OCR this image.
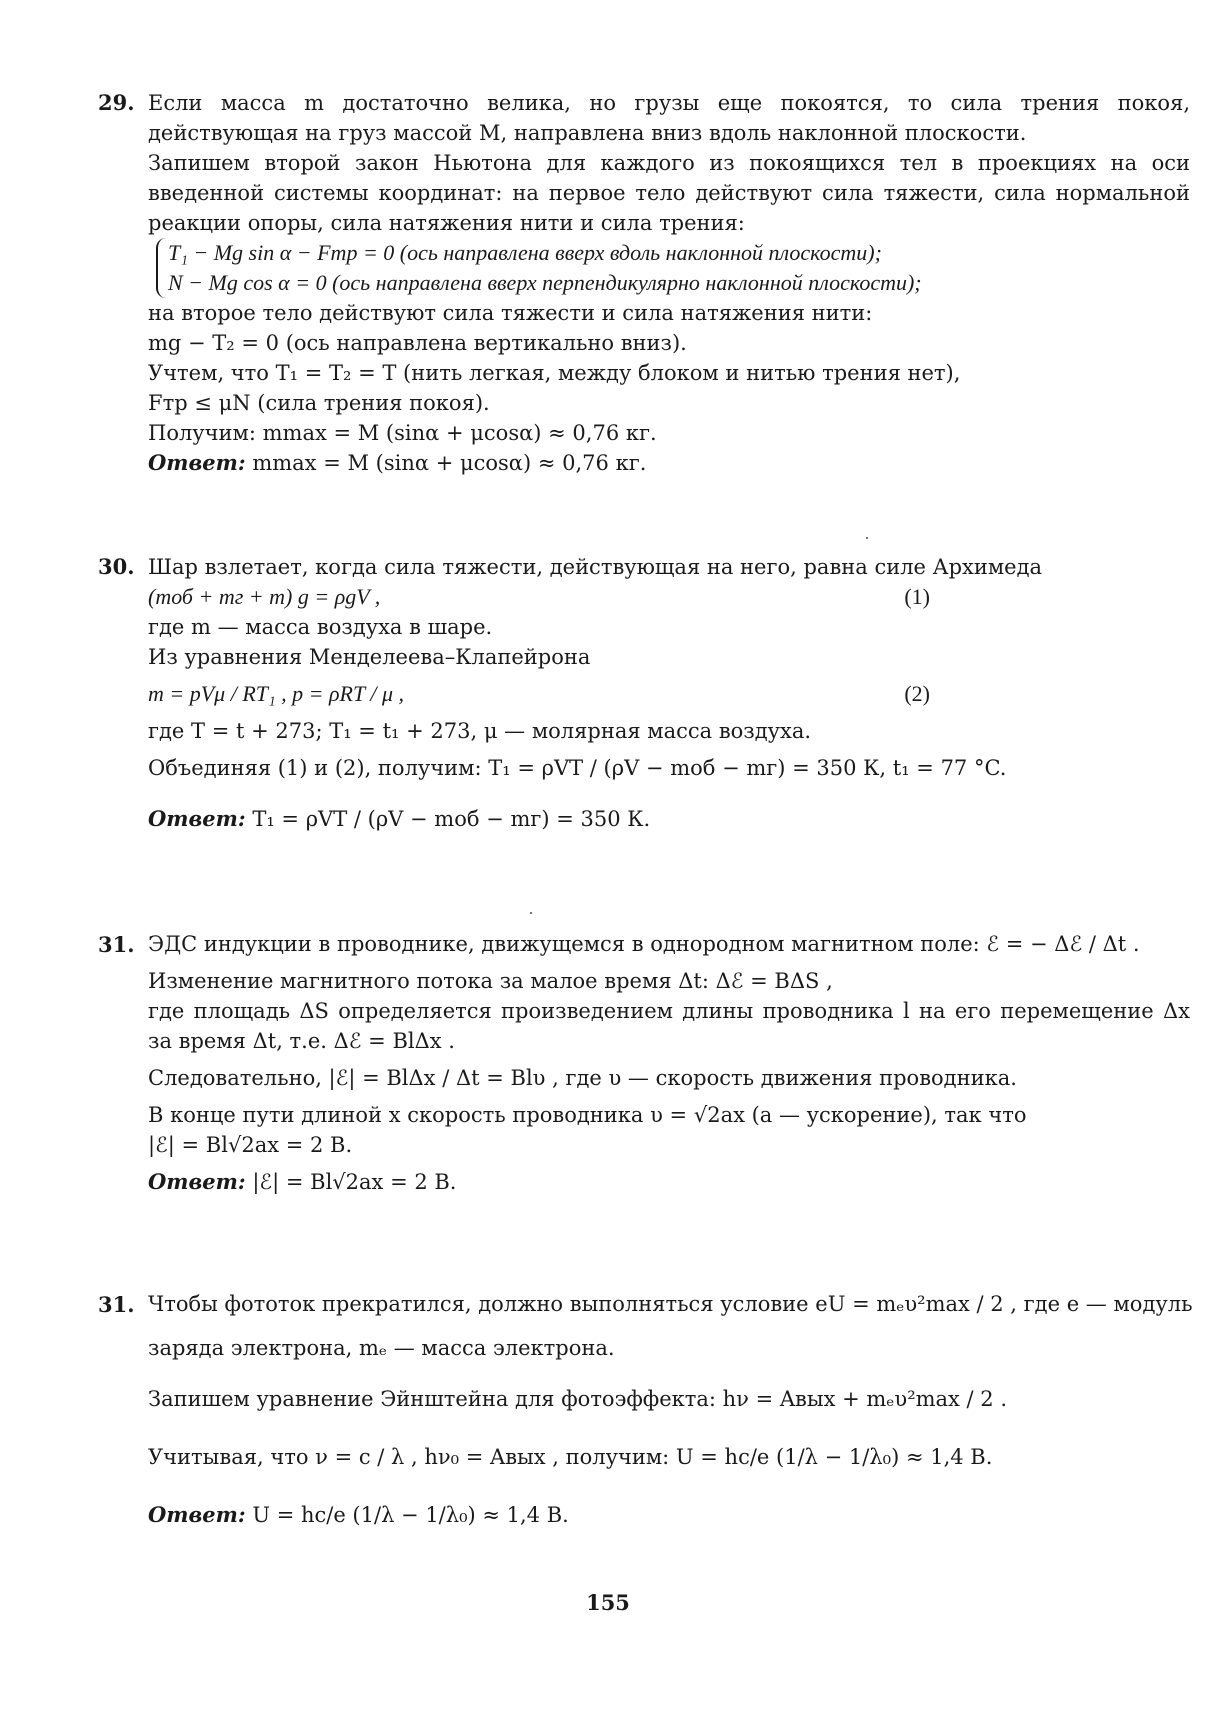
29. Если масса m достаточно велика, но грузы еще покоятся, то сила трения покоя, действующая на груз массой M, направлена вниз вдоль наклонной плоскости.
Запишем второй закон Ньютона для каждого из покоящихся тел в проекциях на оси введенной системы координат: на первое тело действуют сила тяжести, сила нормальной реакции опоры, сила натяжения нити и сила трения:
T₁ − Mg sin α − Fтр = 0 (ось направлена вверх вдоль наклонной плоскости);
N − Mg cos α = 0 (ось направлена вверх перпендикулярно наклонной плоскости);
на второе тело действуют сила тяжести и сила натяжения нити:
mg − T₂ = 0 (ось направлена вертикально вниз).
Учтем, что T₁ = T₂ = T (нить легкая, между блоком и нитью трения нет),
Fтр ≤ μN (сила трения покоя).
Получим: mmax = M (sinα + μcosα) ≈ 0,76 кг.
Ответ: mmax = M (sinα + μcosα) ≈ 0,76 кг.
30. Шар взлетает, когда сила тяжести, действующая на него, равна силе Архимеда
(mоб + mг + m) g = ρgV ,	(1)
где m — масса воздуха в шаре.
Из уравнения Менделеева–Клапейрона
m = pVμ / RT₁ , p = ρRT / μ ,	(2)
где T = t + 273; T₁ = t₁ + 273, μ — молярная масса воздуха.
Объединяя (1) и (2), получим: T₁ = ρVT / (ρV − mоб − mг) = 350 К, t₁ = 77 °C.
Ответ: T₁ = ρVT / (ρV − mоб − mг) = 350 К.
31. ЭДС индукции в проводнике, движущемся в однородном магнитном поле: ℰ = − Δℰ / Δt .
Изменение магнитного потока за малое время Δt: Δℰ = BΔS ,
где площадь ΔS определяется произведением длины проводника l на его перемещение Δx за время Δt, т.е. Δℰ = BlΔx .
Следовательно, |ℰ| = BlΔx / Δt = Blυ , где υ — скорость движения проводника.
В конце пути длиной x скорость проводника υ = √2ax (a — ускорение), так что
|ℰ| = Bl√2ax = 2 В.
Ответ: |ℰ| = Bl√2ax = 2 В.
31. Чтобы фототок прекратился, должно выполняться условие eU = mₑυ²max / 2 , где e — модуль
заряда электрона, mₑ — масса электрона.
Запишем уравнение Эйнштейна для фотоэффекта: hν = Aвых + mₑυ²max / 2 .
Учитывая, что ν = c / λ , hν₀ = Aвых , получим: U = hc/e (1/λ − 1/λ₀) ≈ 1,4 В.
Ответ: U = hc/e (1/λ − 1/λ₀) ≈ 1,4 В.
155
